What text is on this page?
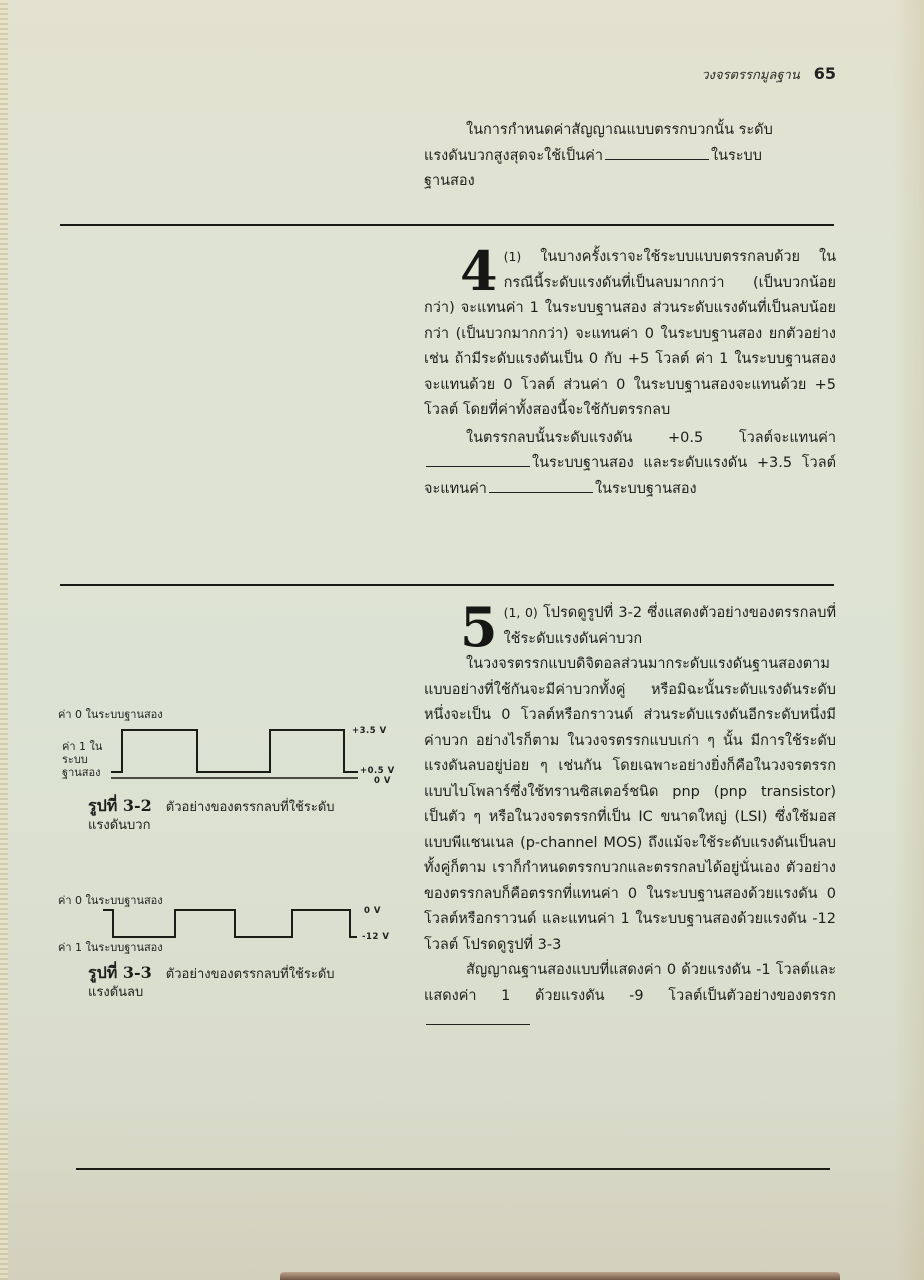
วงจรตรรกมูลฐาน 65

ในการกำหนดค่าสัญญาณแบบตรรกบวกนั้น ระดับ

แรงดันบวกสูงสุดจะใช้เป็นค่า	ในระบบ

ฐานสอง

4 (1) ในบางครั้งเราจะใช้ระบบแบบตรรกลบด้วย ในกรณีนี้ระดับแรงดันที่เป็นลบมากกว่า (เป็นบวกน้อยกว่า) จะแทนค่า 1 ในระบบฐานสอง ส่วนระดับแรงดันที่เป็นลบน้อยกว่า (เป็นบวกมากกว่า) จะแทนค่า 0 ในระบบฐานสอง ยกตัวอย่างเช่น ถ้ามีระดับแรงดันเป็น 0 กับ +5 โวลต์ ค่า 1 ในระบบฐานสองจะแทนด้วย 0 โวลต์ ส่วนค่า 0 ในระบบฐานสองจะแทนด้วย +5 โวลต์ โดยที่ค่าทั้งสองนี้จะใช้กับตรรกลบ

ในตรรกลบนั้นระดับแรงดัน +0.5 โวลต์จะแทนค่า ในระบบฐานสอง และระดับแรงดัน +3.5 โวลต์จะแทนค่า	ในระบบฐานสอง

5 (1, 0) โปรดดูรูปที่ 3-2 ซึ่งแสดงตัวอย่างของตรรกลบที่ใช้ระดับแรงดันค่าบวก

ในวงจรตรรกแบบดิจิตอลส่วนมากระดับแรงดันฐานสองตามแบบอย่างที่ใช้กันจะมีค่าบวกทั้งคู่ หรือมิฉะนั้นระดับแรงดันระดับหนึ่งจะเป็น 0 โวลต์หรือกราวนด์ ส่วนระดับแรงดันอีกระดับหนึ่งมีค่าบวก อย่างไรก็ตาม ในวงจรตรรกแบบเก่า ๆ นั้น มีการใช้ระดับแรงดันลบอยู่บ่อย ๆ เช่นกัน โดยเฉพาะอย่างยิ่งก็คือในวงจรตรรกแบบไบโพลาร์ซึ่งใช้ทรานซิสเตอร์ชนิด pnp (pnp transistor) เป็นตัว ๆ หรือในวงจรตรรกที่เป็น IC ขนาดใหญ่ (LSI) ซึ่งใช้มอสแบบพีแชนเนล (p-channel MOS) ถึงแม้จะใช้ระดับแรงดันเป็นลบทั้งคู่ก็ตาม เราก็กำหนดตรรกบวกและตรรกลบได้อยู่นั่นเอง ตัวอย่างของตรรกลบก็คือตรรกที่แทนค่า 0 ในระบบฐานสองด้วยแรงดัน 0 โวลต์หรือกราวนด์ และแทนค่า 1 ในระบบฐานสองด้วยแรงดัน -12 โวลต์ โปรดดูรูปที่ 3-3

สัญญาณฐานสองแบบที่แสดงค่า 0 ด้วยแรงดัน -1 โวลต์และแสดงค่า 1 ด้วยแรงดัน -9 โวลต์เป็นตัวอย่างของตรรก

ค่า 0 ในระบบฐานสอง
ค่า 1 ใน
ระบบ
ฐานสอง
+3.5 V
+0.5 V
0 V
รูปที่ 3-2 ตัวอย่างของตรรกลบที่ใช้ระดับ
แรงดันบวก
ค่า 0 ในระบบฐานสอง
ค่า 1 ในระบบฐานสอง
0 V
-12 V
รูปที่ 3-3 ตัวอย่างของตรรกลบที่ใช้ระดับ
แรงดันลบ
